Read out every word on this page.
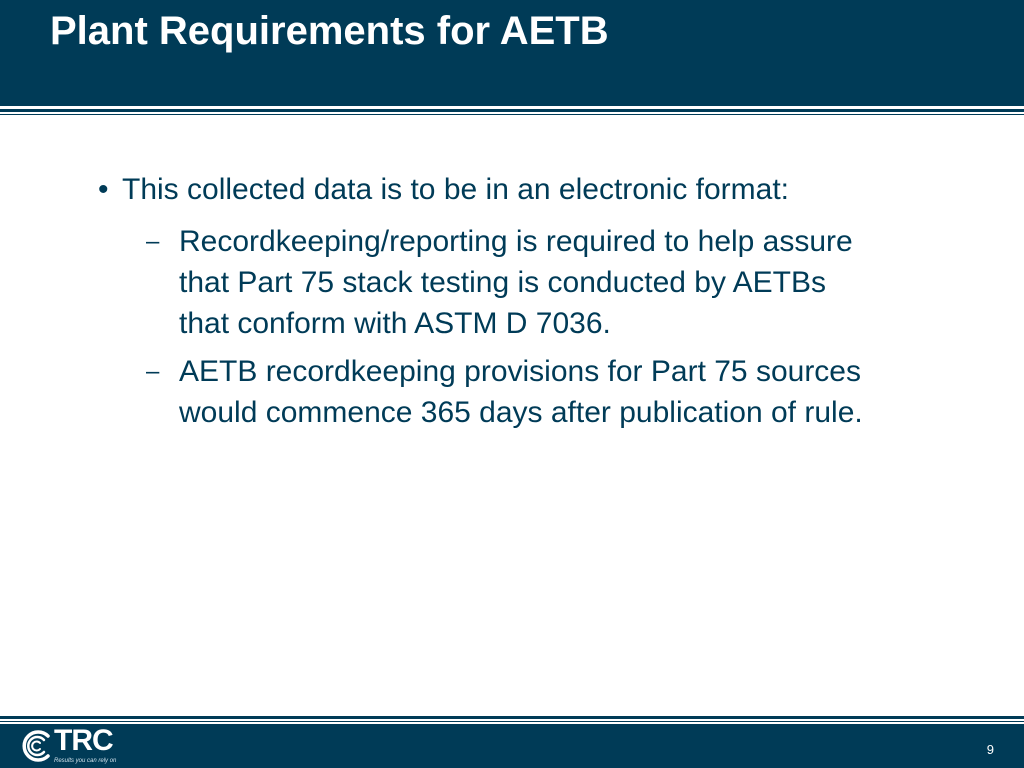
Plant Requirements for AETB
• This collected data is to be in an electronic format:
– Recordkeeping/reporting is required to help assure
that Part 75 stack testing is conducted by AETBs
that conform with ASTM D 7036.
– AETB recordkeeping provisions for Part 75 sources
would commence 365 days after publication of rule.
TRC
Results you can rely on
9
